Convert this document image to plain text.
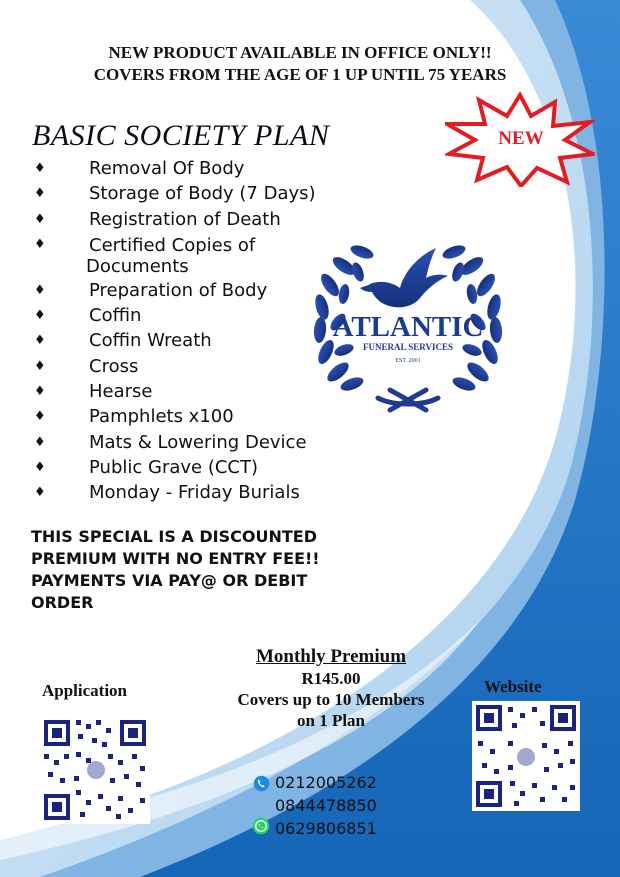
NEW PRODUCT AVAILABLE IN OFFICE ONLY!!
COVERS FROM THE AGE OF 1 UP UNTIL 75 YEARS
NEW
BASIC SOCIETY PLAN
♦ Removal Of Body
♦ Storage of Body (7 Days)
♦ Registration of Death
♦ Certified Copies of
Documents
♦ Preparation of Body
♦ Coffin
♦ Coffin Wreath
♦ Cross
♦ Hearse
♦ Pamphlets x100
♦ Mats & Lowering Device
♦ Public Grave (CCT)
♦ Monday - Friday Burials
ATLANTIC
FUNERAL SERVICES
EST. 2001
THIS SPECIAL IS A DISCOUNTED
PREMIUM WITH NO ENTRY FEE!!
PAYMENTS VIA PAY@ OR DEBIT
ORDER
Monthly Premium
R145.00
Covers up to 10 Members
on 1 Plan
Application	Website
0212005262
0844478850
0629806851
